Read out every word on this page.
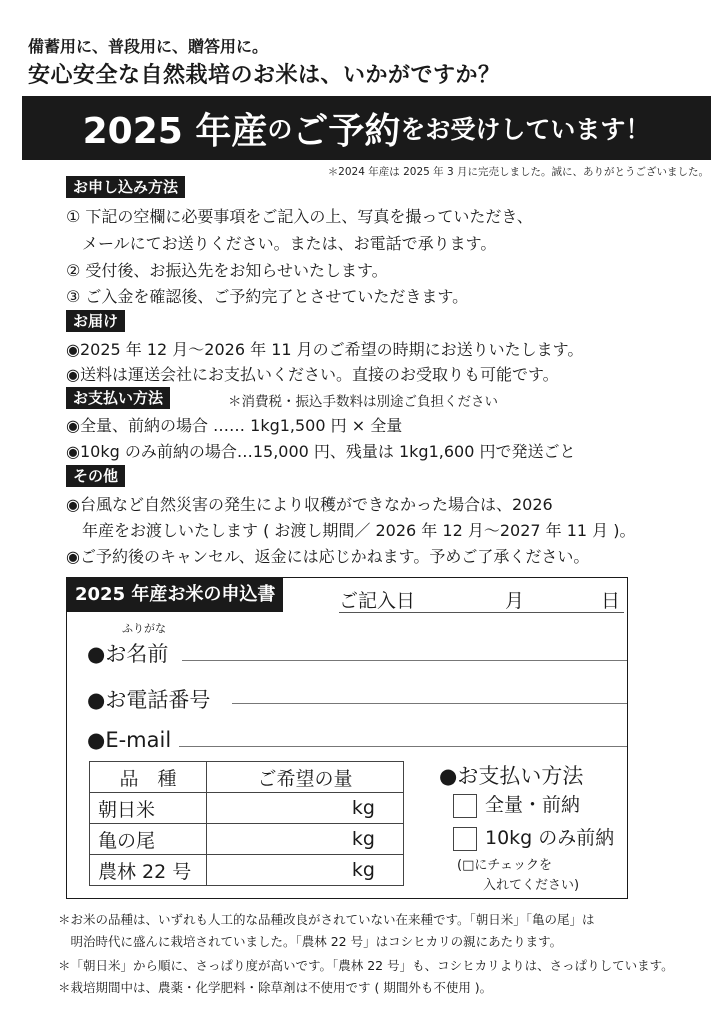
備蓄用に、普段用に、贈答用に。
安心安全な自然栽培のお米は、いかがですか？
2025 年産 の ご予約 をお受けしています！
＊2024 年産は 2025 年 3 月に完売しました。誠に、ありがとうございました。
お申し込み方法
① 下記の空欄に必要事項をご記入の上、写真を撮っていただき、
　メールにてお送りください。または、お電話で承ります。
② 受付後、お振込先をお知らせいたします。
③ ご入金を確認後、ご予約完了とさせていただきます。
お届け
◉2025 年 12 月〜2026 年 11 月のご希望の時期にお送りいたします。
◉送料は運送会社にお支払いください。直接のお受取りも可能です。
お支払い方法	＊消費税・振込手数料は別途ご負担ください
◉全量、前納の場合 …… 1kg1,500 円 × 全量
◉10kg のみ前納の場合…15,000 円、残量は 1kg1,600 円で発送ごと
その他
◉台風など自然災害の発生により収穫ができなかった場合は、2026
　年産をお渡しいたします ( お渡し期間／ 2026 年 12 月〜2027 年 11 月 )。
◉ご予約後のキャンセル、返金には応じかねます。予めご了承ください。
2025 年産お米の申込書	ご記入日	月	日
ふりがな
●お名前
●お電話番号
●E-mail
品　種	ご希望の量
朝日米	kg
亀の尾	kg
農林 22 号	kg
●お支払い方法
全量・前納
10kg のみ前納
(□にチェックを
入れてください)
＊お米の品種は、いずれも人工的な品種改良がされていない在来種です。「朝日米」「亀の尾」は
　明治時代に盛んに栽培されていました。「農林 22 号」はコシヒカリの親にあたります。
＊「朝日米」から順に、さっぱり度が高いです。「農林 22 号」も、コシヒカリよりは、さっぱりしています。
＊栽培期間中は、農薬・化学肥料・除草剤は不使用です ( 期間外も不使用 )。
